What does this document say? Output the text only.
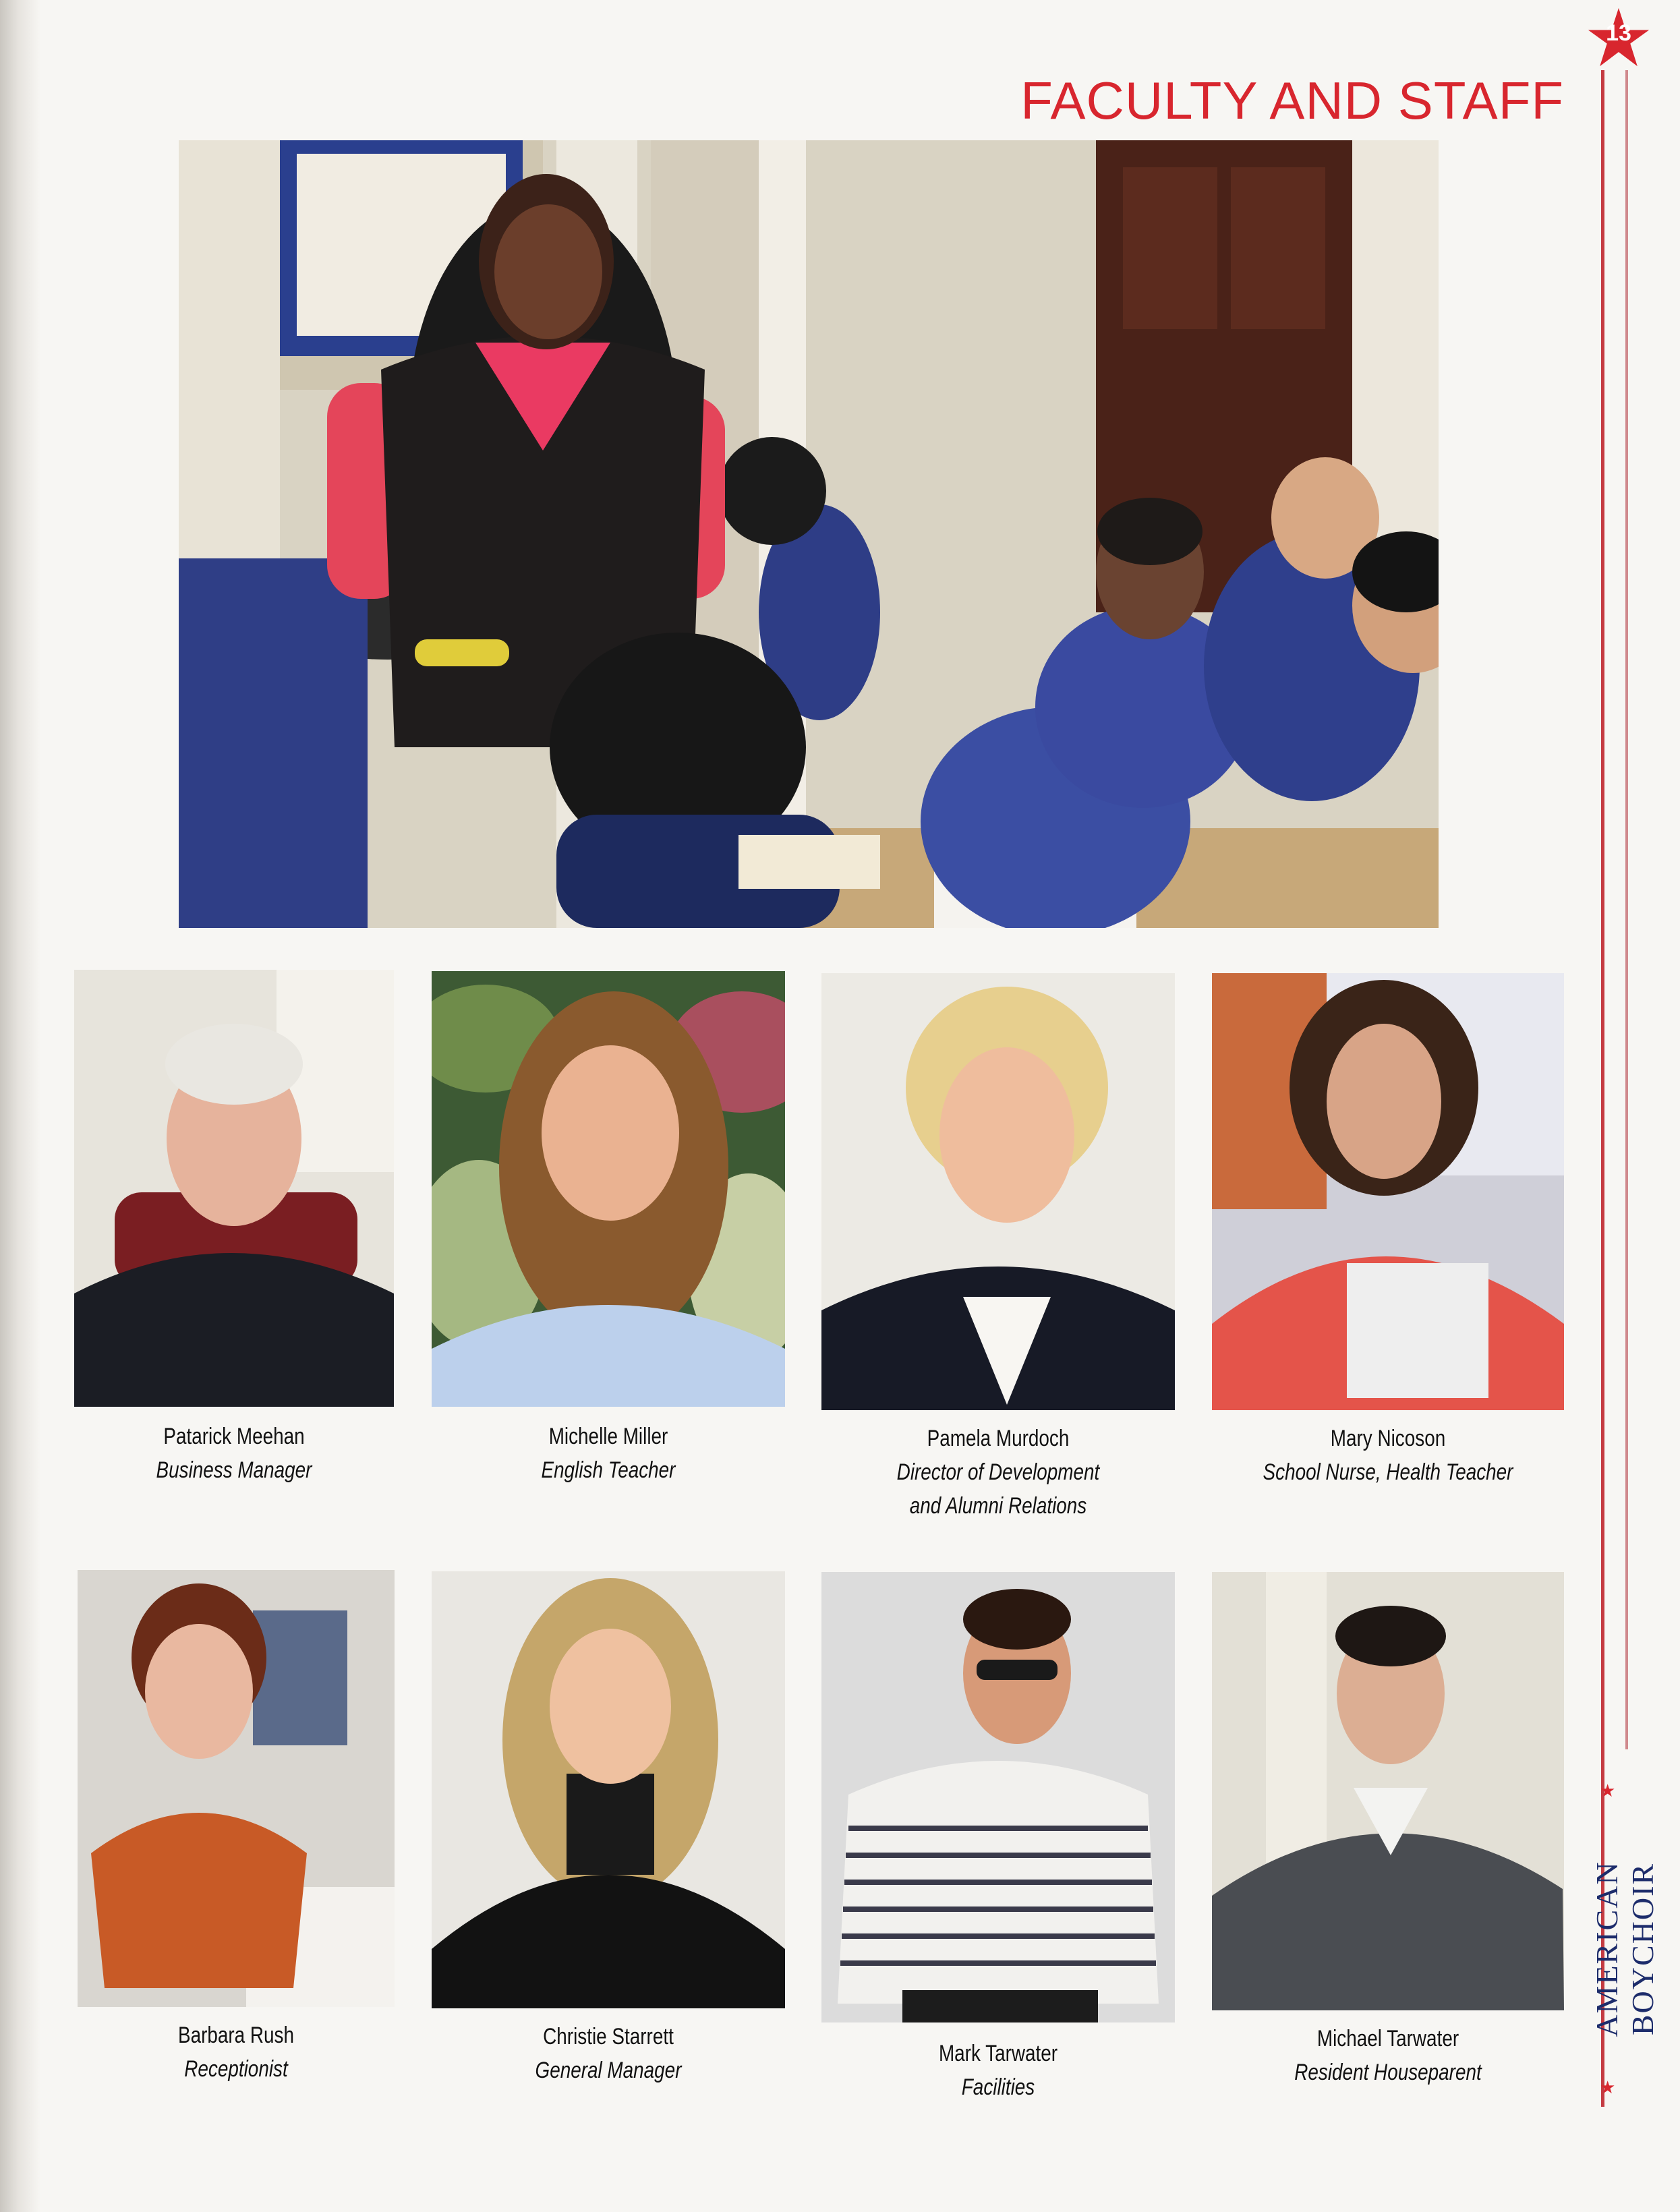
13
FACULTY AND STAFF
AMERICAN BOYCHOIR
★
★
Patarick Meehan
Business Manager
Michelle Miller
English Teacher
Pamela Murdoch
Director of Development
and Alumni Relations
Mary Nicoson
School Nurse, Health Teacher
Barbara Rush
Receptionist
Christie Starrett
General Manager
Mark Tarwater
Facilities
Michael Tarwater
Resident Houseparent
